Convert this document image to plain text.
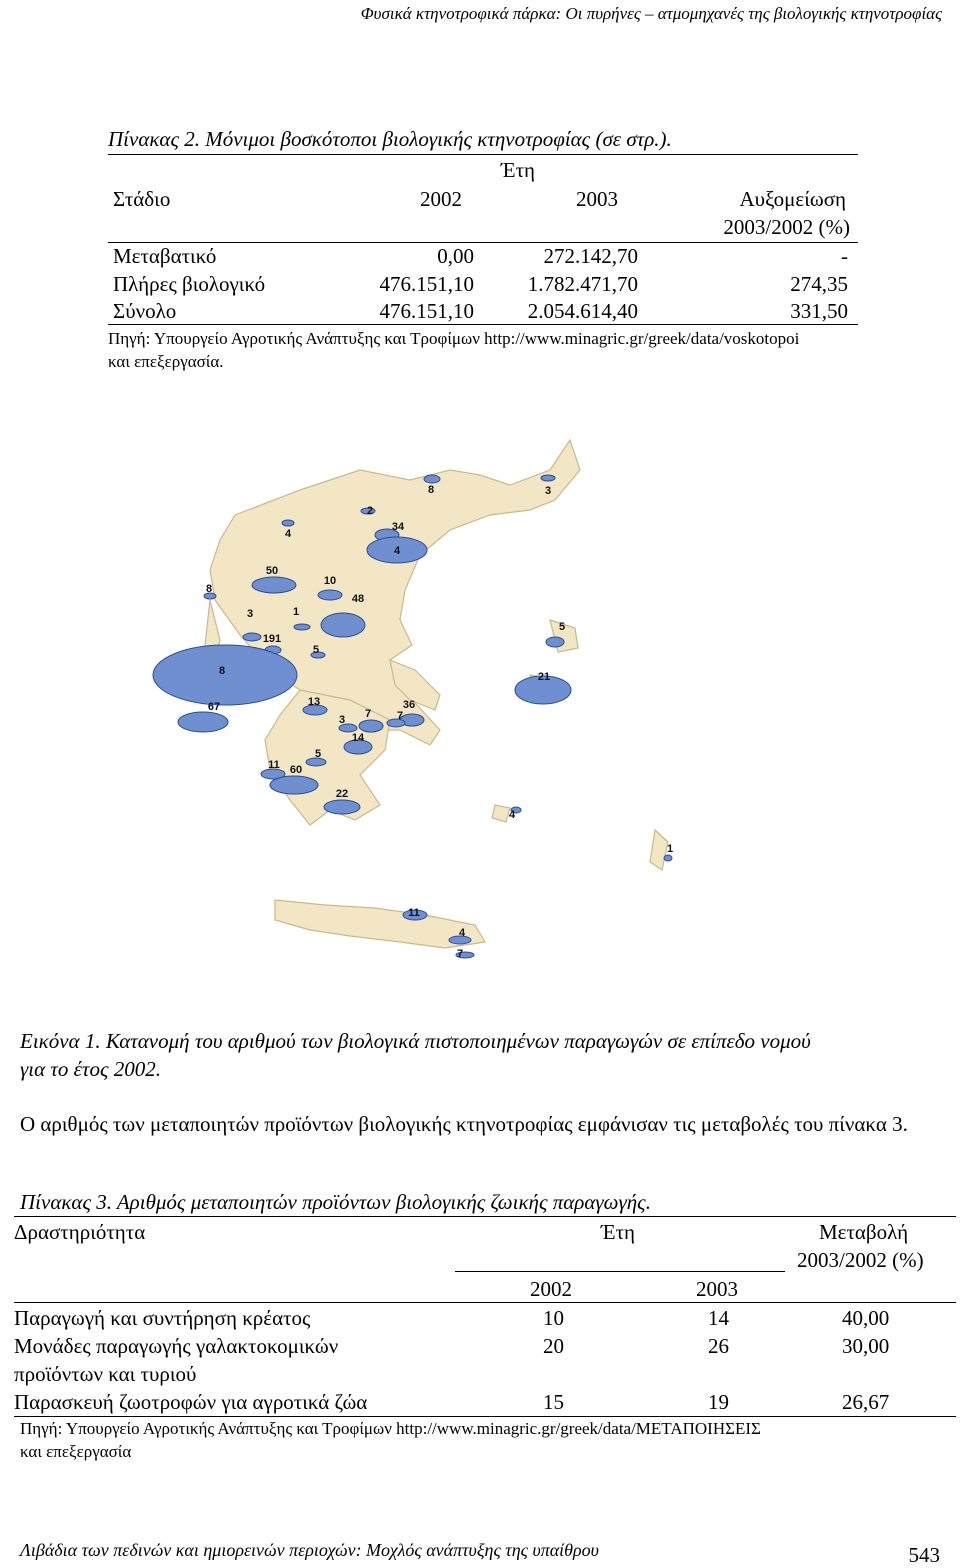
Φυσικά κτηνοτροφικά πάρκα: Οι πυρήνες – ατμομηχανές της βιολογικής κτηνοτροφίας
Πίνακας 2. Μόνιμοι βοσκότοποι βιολογικής κτηνοτροφίας (σε στρ.).
Έτη
Στάδιο	2002	2003	Αυξομείωση
2003/2002 (%)
Μεταβατικό	0,00	272.142,70	-
Πλήρες βιολογικό	476.151,10	1.782.471,70	274,35
Σύνολο	476.151,10	2.054.614,40	331,50
Πηγή: Υπουργείο Αγροτικής Ανάπτυξης και Τροφίμων http://www.minagric.gr/greek/data/voskotopoi
και επεξεργασία.
8	3
4
2
34
4
50
10
48
8
3	1
191
5
8
5
21
67	13	36
3 7 7
14
5
11 60
22
4
1
11
4
7
Εικόνα 1. Κατανομή του αριθμού των βιολογικά πιστοποιημένων παραγωγών σε επίπεδο νομού
για το έτος 2002.
Ο αριθμός των μεταποιητών προϊόντων βιολογικής κτηνοτροφίας εμφάνισαν τις μεταβολές του πίνακα 3.
Πίνακας 3. Αριθμός μεταποιητών προϊόντων βιολογικής ζωικής παραγωγής.
Δραστηριότητα	Έτη	Μεταβολή
2003/2002 (%)
2002	2003
Παραγωγή και συντήρηση κρέατος	10	14	40,00
Μονάδες παραγωγής γαλακτοκομικών
προϊόντων και τυριού
20	26	30,00
Παρασκευή ζωοτροφών για αγροτικά ζώα	15	19	26,67
Πηγή: Υπουργείο Αγροτικής Ανάπτυξης και Τροφίμων http://www.minagric.gr/greek/data/ΜΕΤΑΠΟΙΗΣΕΙΣ
και επεξεργασία
Λιβάδια των πεδινών και ημιορεινών περιοχών: Μοχλός ανάπτυξης της υπαίθρου	543
